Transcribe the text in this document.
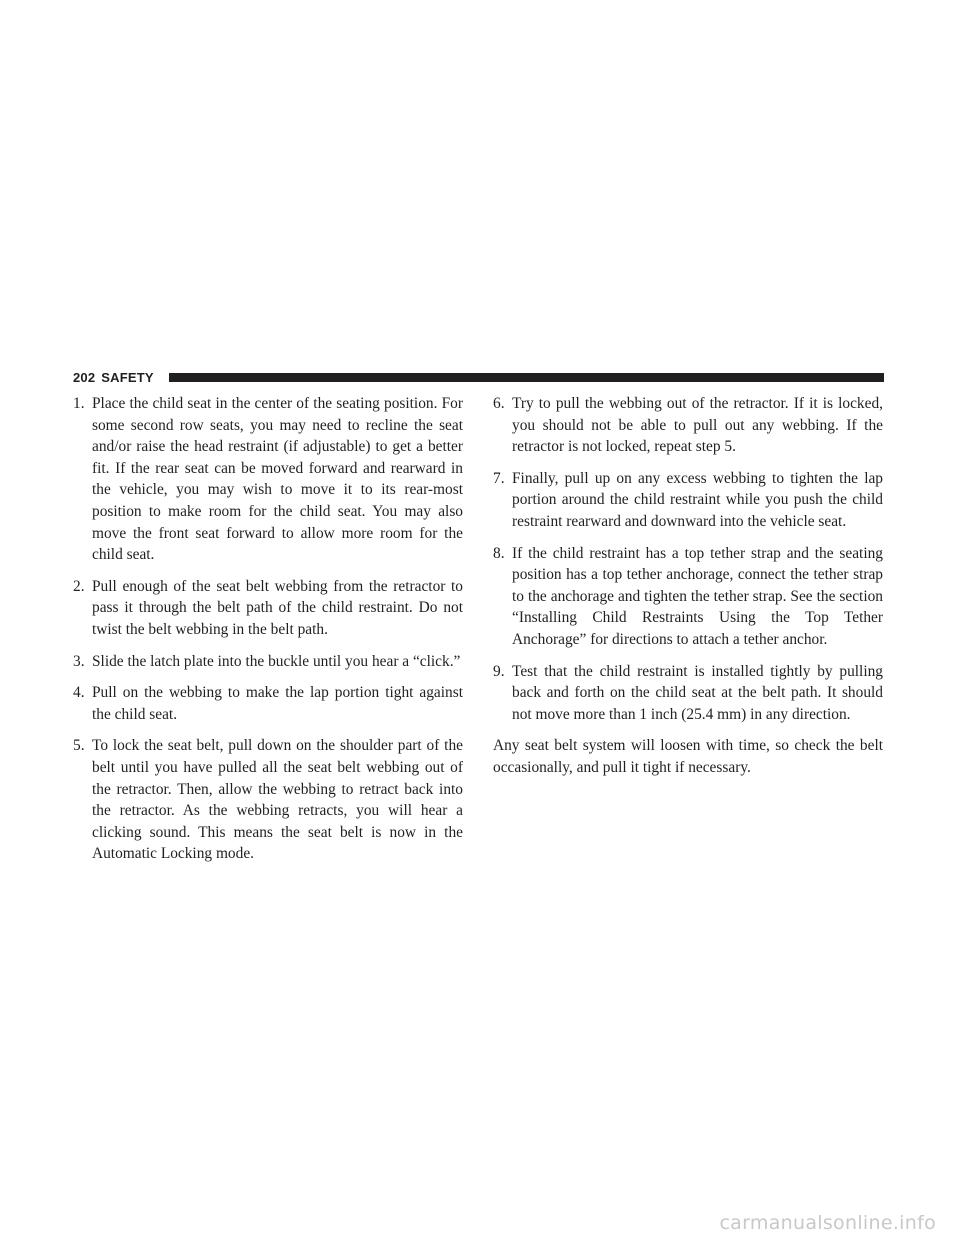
202 SAFETY

1. Place the child seat in the center of the seating position. For some second row seats, you may need to recline the seat and/or raise the head restraint (if adjustable) to get a better fit. If the rear seat can be moved forward and rearward in the vehicle, you may wish to move it to its rear-most position to make room for the child seat. You may also move the front seat forward to allow more room for the child seat.

2. Pull enough of the seat belt webbing from the retractor to pass it through the belt path of the child restraint. Do not twist the belt webbing in the belt path.

3. Slide the latch plate into the buckle until you hear a “click.”

4. Pull on the webbing to make the lap portion tight against the child seat.

5. To lock the seat belt, pull down on the shoulder part of the belt until you have pulled all the seat belt webbing out of the retractor. Then, allow the webbing to retract back into the retractor. As the webbing retracts, you will hear a clicking sound. This means the seat belt is now in the Automatic Locking mode.

6. Try to pull the webbing out of the retractor. If it is locked, you should not be able to pull out any webbing. If the retractor is not locked, repeat step 5.

7. Finally, pull up on any excess webbing to tighten the lap portion around the child restraint while you push the child restraint rearward and downward into the vehicle seat.

8. If the child restraint has a top tether strap and the seating position has a top tether anchorage, connect the tether strap to the anchorage and tighten the tether strap. See the section “Installing Child Restraints Using the Top Tether Anchorage” for directions to attach a tether anchor.

9. Test that the child restraint is installed tightly by pulling back and forth on the child seat at the belt path. It should not move more than 1 inch (25.4 mm) in any direction.

Any seat belt system will loosen with time, so check the belt occasionally, and pull it tight if necessary.

carmanualsonline.info
